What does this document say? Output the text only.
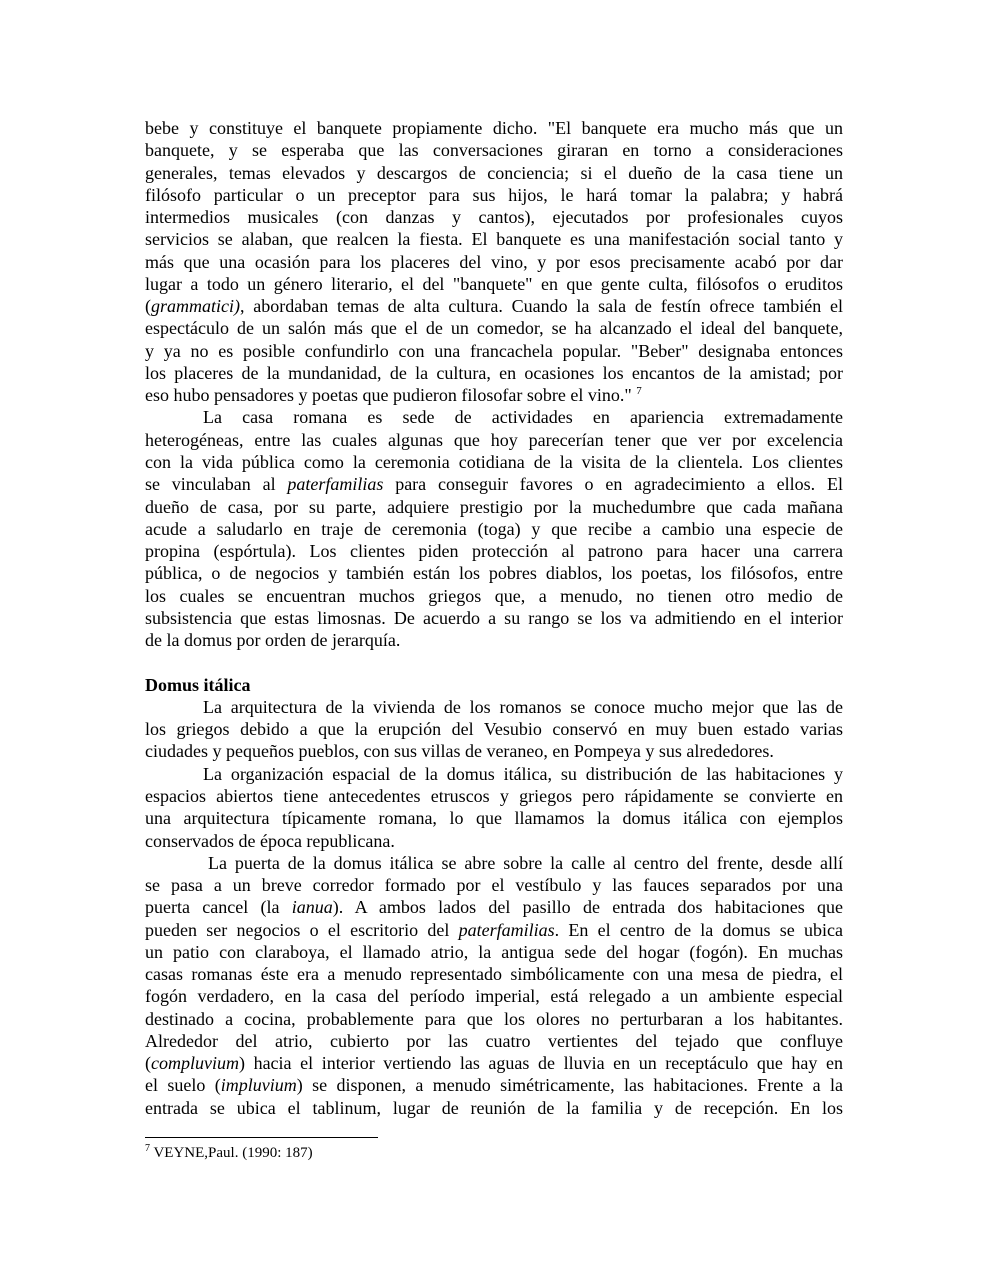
bebe y constituye el banquete propiamente dicho. "El banquete era mucho más que un
banquete, y se esperaba que las conversaciones giraran en torno a consideraciones
generales, temas elevados y descargos de conciencia; si el dueño de la casa tiene un
filósofo particular o un preceptor para sus hijos, le hará tomar la palabra; y habrá
intermedios musicales (con danzas y cantos), ejecutados por profesionales cuyos
servicios se alaban, que realcen la fiesta. El banquete es una manifestación social tanto y
más que una ocasión para los placeres del vino, y por esos precisamente acabó por dar
lugar a todo un género literario, el del "banquete" en que gente culta, filósofos o eruditos
(grammatici), abordaban temas de alta cultura. Cuando la sala de festín ofrece también el
espectáculo de un salón más que el de un comedor, se ha alcanzado el ideal del banquete,
y ya no es posible confundirlo con una francachela popular. "Beber" designaba entonces
los placeres de la mundanidad, de la cultura, en ocasiones los encantos de la amistad; por
eso hubo pensadores y poetas que pudieron filosofar sobre el vino." $^7$
La casa romana es sede de actividades en apariencia extremadamente
heterogéneas, entre las cuales algunas que hoy parecerían tener que ver por excelencia
con la vida pública como la ceremonia cotidiana de la visita de la clientela. Los clientes
se vinculaban al paterfamilias para conseguir favores o en agradecimiento a ellos. El
dueño de casa, por su parte, adquiere prestigio por la muchedumbre que cada mañana
acude a saludarlo en traje de ceremonia (toga) y que recibe a cambio una especie de
propina (espórtula). Los clientes piden protección al patrono para hacer una carrera
pública, o de negocios y también están los pobres diablos, los poetas, los filósofos, entre
los cuales se encuentran muchos griegos que, a menudo, no tienen otro medio de
subsistencia que estas limosnas. De acuerdo a su rango se los va admitiendo en el interior
de la domus por orden de jerarquía.
Domus itálica
La arquitectura de la vivienda de los romanos se conoce mucho mejor que las de
los griegos debido a que la erupción del Vesubio conservó en muy buen estado varias
ciudades y pequeños pueblos, con sus villas de veraneo, en Pompeya y sus alrededores.
La organización espacial de la domus itálica, su distribución de las habitaciones y
espacios abiertos tiene antecedentes etruscos y griegos pero rápidamente se convierte en
una arquitectura típicamente romana, lo que llamamos la domus itálica con ejemplos
conservados de época republicana.
La puerta de la domus itálica se abre sobre la calle al centro del frente, desde allí
se pasa a un breve corredor formado por el vestíbulo y las fauces separados por una
puerta cancel (la ianua). A ambos lados del pasillo de entrada dos habitaciones que
pueden ser negocios o el escritorio del paterfamilias. En el centro de la domus se ubica
un patio con claraboya, el llamado atrio, la antigua sede del hogar (fogón). En muchas
casas romanas éste era a menudo representado simbólicamente con una mesa de piedra, el
fogón verdadero, en la casa del período imperial, está relegado a un ambiente especial
destinado a cocina, probablemente para que los olores no perturbaran a los habitantes.
Alrededor del atrio, cubierto por las cuatro vertientes del tejado que confluye
(compluvium) hacia el interior vertiendo las aguas de lluvia en un receptáculo que hay en
el suelo (impluvium) se disponen, a menudo simétricamente, las habitaciones. Frente a la
entrada se ubica el tablinum, lugar de reunión de la familia y de recepción. En los
$^7$ VEYNE,Paul. (1990: 187)
